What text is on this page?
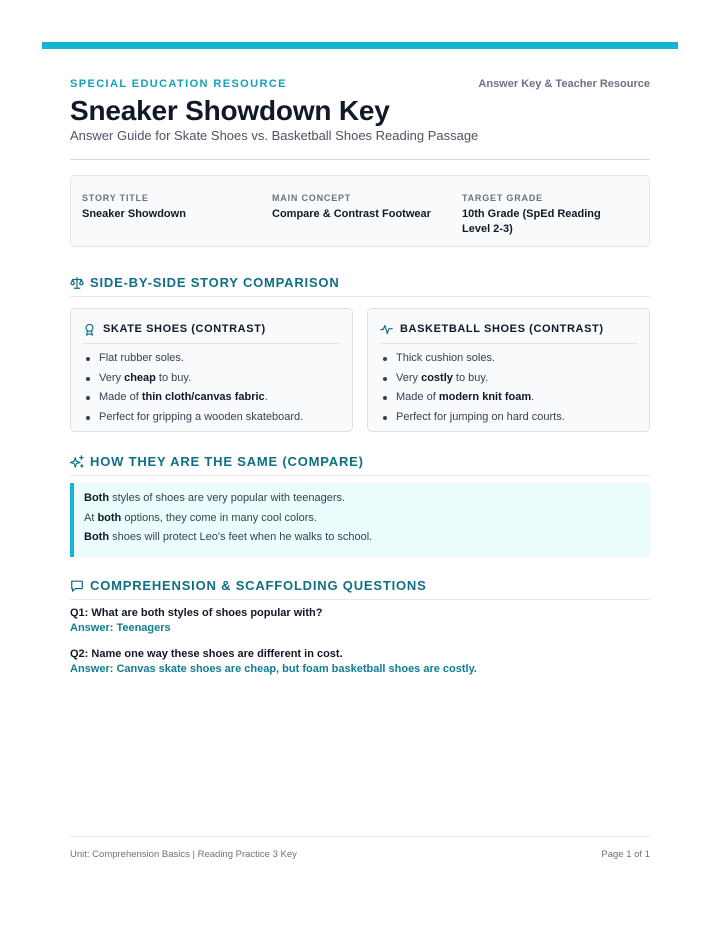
SPECIAL EDUCATION RESOURCE	Answer Key & Teacher Resource
Sneaker Showdown Key
Answer Guide for Skate Shoes vs. Basketball Shoes Reading Passage
STORY TITLE
Sneaker Showdown
MAIN CONCEPT
Compare & Contrast Footwear
TARGET GRADE
10th Grade (SpEd Reading Level 2-3)
SIDE-BY-SIDE STORY COMPARISON
SKATE SHOES (CONTRAST)
Flat rubber soles.
Very cheap to buy.
Made of thin cloth/canvas fabric.
Perfect for gripping a wooden skateboard.
BASKETBALL SHOES (CONTRAST)
Thick cushion soles.
Very costly to buy.
Made of modern knit foam.
Perfect for jumping on hard courts.
HOW THEY ARE THE SAME (COMPARE)

Both styles of shoes are very popular with teenagers.

At both options, they come in many cool colors.

Both shoes will protect Leo's feet when he walks to school.

COMPREHENSION & SCAFFOLDING QUESTIONS
Q1: What are both styles of shoes popular with?
Answer: Teenagers
Q2: Name one way these shoes are different in cost.
Answer: Canvas skate shoes are cheap, but foam basketball shoes are costly.
Unit: Comprehension Basics | Reading Practice 3 Key	Page 1 of 1
